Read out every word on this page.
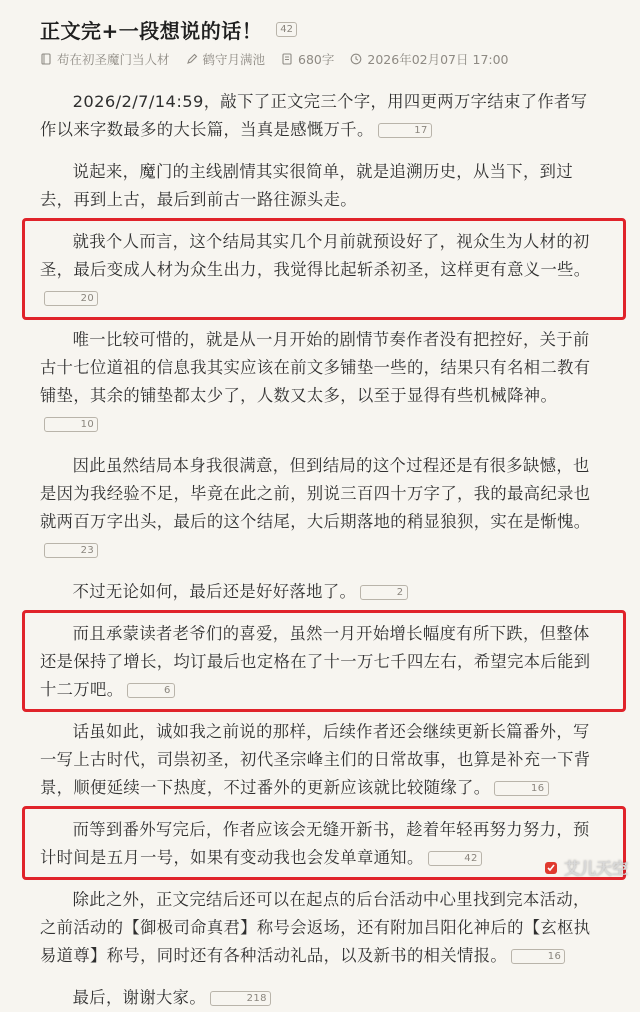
正文完+一段想说的话！	42
苟在初圣魔门当人材	鹤守月满池	680字	2026年02月07日 17:00

2026/2/7/14:59，敲下了正文完三个字，用四更两万字结束了作者写作以来字数最多的大长篇，当真是感慨万千。	17

说起来，魔门的主线剧情其实很简单，就是追溯历史，从当下，到过去，再到上古，最后到前古一路往源头走。

就我个人而言，这个结局其实几个月前就预设好了，视众生为人材的初圣，最后变成人材为众生出力，我觉得比起斩杀初圣，这样更有意义一些。20

唯一比较可惜的，就是从一月开始的剧情节奏作者没有把控好，关于前古十七位道祖的信息我其实应该在前文多铺垫一些的，结果只有名相二教有铺垫，其余的铺垫都太少了，人数又太多，以至于显得有些机械降神。10

因此虽然结局本身我很满意，但到结局的这个过程还是有很多缺憾，也是因为我经验不足，毕竟在此之前，别说三百四十万字了，我的最高纪录也就两百万字出头，最后的这个结尾，大后期落地的稍显狼狈，实在是惭愧。23

不过无论如何，最后还是好好落地了。	2

而且承蒙读者老爷们的喜爱，虽然一月开始增长幅度有所下跌，但整体还是保持了增长，均订最后也定格在了十一万七千四左右，希望完本后能到十二万吧。	6

话虽如此，诚如我之前说的那样，后续作者还会继续更新长篇番外，写一写上古时代，司祟初圣，初代圣宗峰主们的日常故事，也算是补充一下背景，顺便延续一下热度，不过番外的更新应该就比较随缘了。	16

而等到番外写完后，作者应该会无缝开新书，趁着年轻再努力努力，预计时间是五月一号，如果有变动我也会发单章通知。	42

除此之外，正文完结后还可以在起点的后台活动中心里找到完本活动，之前活动的【御极司命真君】称号会返场，还有附加吕阳化神后的【玄枢执易道尊】称号，同时还有各种活动礼品，以及新书的相关情报。	16

最后，谢谢大家。	218

艾儿天空
